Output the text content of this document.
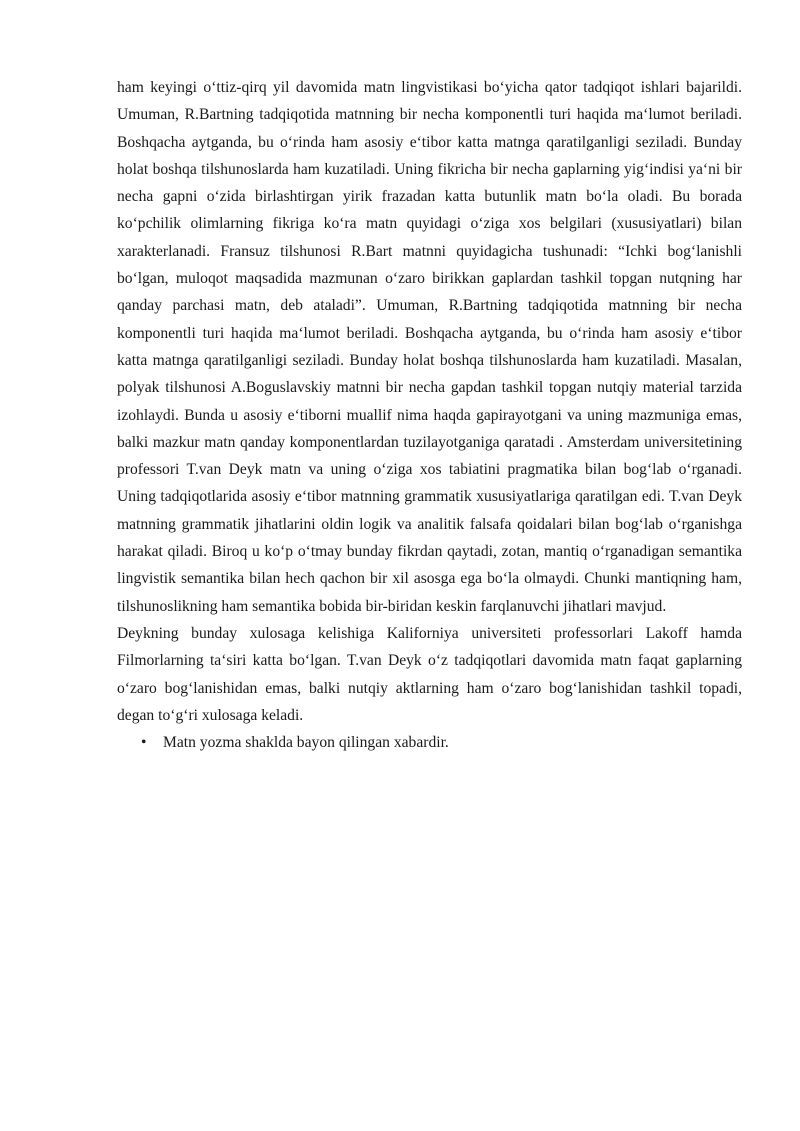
ham keyingi o‘ttiz-qirq yil davomida matn lingvistikasi bo‘yicha qator tadqiqot ishlari bajarildi. Umuman, R.Bartning tadqiqotida matnning bir necha komponentli turi haqida ma‘lumot beriladi. Boshqacha aytganda, bu o‘rinda ham asosiy e‘tibor katta matnga qaratilganligi seziladi. Bunday holat boshqa tilshunoslarda ham kuzatiladi. Uning fikricha bir necha gaplarning yig‘indisi ya‘ni bir necha gapni o‘zida birlashtirgan yirik frazadan katta butunlik matn bo‘la oladi. Bu borada ko‘pchilik olimlarning fikriga ko‘ra matn quyidagi o‘ziga xos belgilari (xususiyatlari) bilan xarakterlanadi. Fransuz tilshunosi R.Bart matnni quyidagicha tushunadi: “Ichki bog‘lanishli bo‘lgan, muloqot maqsadida mazmunan o‘zaro birikkan gaplardan tashkil topgan nutqning har qanday parchasi matn, deb ataladi”. Umuman, R.Bartning tadqiqotida matnning bir necha komponentli turi haqida ma‘lumot beriladi. Boshqacha aytganda, bu o‘rinda ham asosiy e‘tibor katta matnga qaratilganligi seziladi. Bunday holat boshqa tilshunoslarda ham kuzatiladi. Masalan, polyak tilshunosi A.Boguslavskiy matnni bir necha gapdan tashkil topgan nutqiy material tarzida izohlaydi. Bunda u asosiy e‘tiborni muallif nima haqda gapirayotgani va uning mazmuniga emas, balki mazkur matn qanday komponentlardan tuzilayotganiga qaratadi . Amsterdam universitetining professori T.van Deyk matn va uning o‘ziga xos tabiatini pragmatika bilan bog‘lab o‘rganadi. Uning tadqiqotlarida asosiy e‘tibor matnning grammatik xususiyatlariga qaratilgan edi. T.van Deyk matnning grammatik jihatlarini oldin logik va analitik falsafa qoidalari bilan bog‘lab o‘rganishga harakat qiladi. Biroq u ko‘p o‘tmay bunday fikrdan qaytadi, zotan, mantiq o‘rganadigan semantika lingvistik semantika bilan hech qachon bir xil asosga ega bo‘la olmaydi. Chunki mantiqning ham, tilshunoslikning ham semantika bobida bir-biridan keskin farqlanuvchi jihatlari mavjud.

Deykning bunday xulosaga kelishiga Kaliforniya universiteti professorlari Lakoff hamda Filmorlarning ta‘siri katta bo‘lgan. T.van Deyk o‘z tadqiqotlari davomida matn faqat gaplarning o‘zaro bog‘lanishidan emas, balki nutqiy aktlarning ham o‘zaro bog‘lanishidan tashkil topadi, degan to‘g‘ri xulosaga keladi.

• Matn yozma shaklda bayon qilingan xabardir.
